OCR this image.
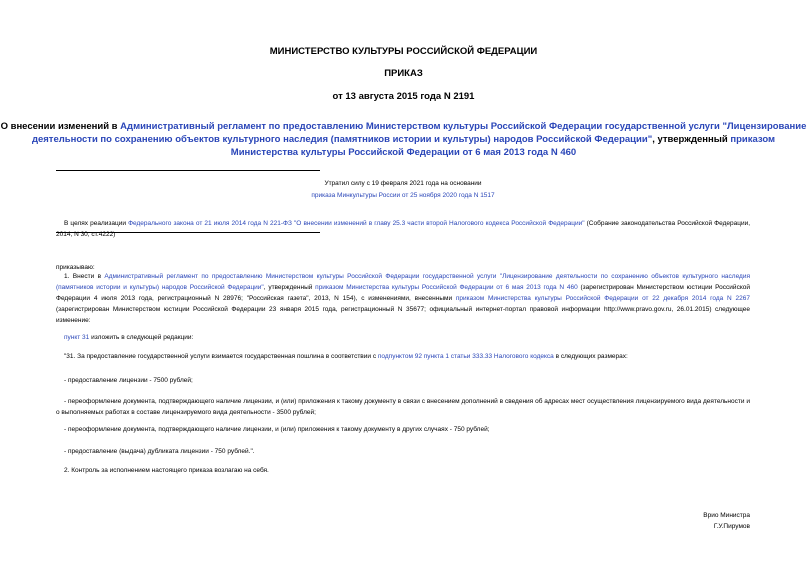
МИНИСТЕРСТВО КУЛЬТУРЫ РОССИЙСКОЙ ФЕДЕРАЦИИ
ПРИКАЗ
от 13 августа 2015 года N 2191
О внесении изменений в Административный регламент по предоставлению Министерством культуры Российской Федерации государственной услуги "Лицензирование деятельности по сохранению объектов культурного наследия (памятников истории и культуры) народов Российской Федерации", утвержденный приказом Министерства культуры Российской Федерации от 6 мая 2013 года N 460
Утратил силу с 19 февраля 2021 года на основании
приказа Минкультуры России от 25 ноября 2020 года N 1517
В целях реализации Федерального закона от 21 июля 2014 года N 221-ФЗ "О внесении изменений в главу 25.3 части второй Налогового кодекса Российской Федерации" (Собрание законодательства Российской Федерации, 2014, N 30, ст.4222)
приказываю:
1. Внести в Административный регламент по предоставлению Министерством культуры Российской Федерации государственной услуги "Лицензирование деятельности по сохранению объектов культурного наследия (памятников истории и культуры) народов Российской Федерации", утвержденный приказом Министерства культуры Российской Федерации от 6 мая 2013 года N 460 (зарегистрирован Министерством юстиции Российской Федерации 4 июля 2013 года, регистрационный N 28976; "Российская газета", 2013, N 154), с изменениями, внесенными приказом Министерства культуры Российской Федерации от 22 декабря 2014 года N 2267 (зарегистрирован Министерством юстиции Российской Федерации 23 января 2015 года, регистрационный N 35677; официальный интернет-портал правовой информации http://www.pravo.gov.ru, 26.01.2015) следующее изменение:
пункт 31 изложить в следующей редакции:
"31. За предоставление государственной услуги взимается государственная пошлина в соответствии с подпунктом 92 пункта 1 статьи 333.33 Налогового кодекса в следующих размерах:
- предоставление лицензии - 7500 рублей;
- переоформление документа, подтверждающего наличие лицензии, и (или) приложения к такому документу в связи с внесением дополнений в сведения об адресах мест осуществления лицензируемого вида деятельности и о выполняемых работах в составе лицензируемого вида деятельности - 3500 рублей;
- переоформление документа, подтверждающего наличие лицензии, и (или) приложения к такому документу в других случаях - 750 рублей;
- предоставление (выдача) дубликата лицензии - 750 рублей.".
2. Контроль за исполнением настоящего приказа возлагаю на себя.
Врио Министра
Г.У.Пирумов
